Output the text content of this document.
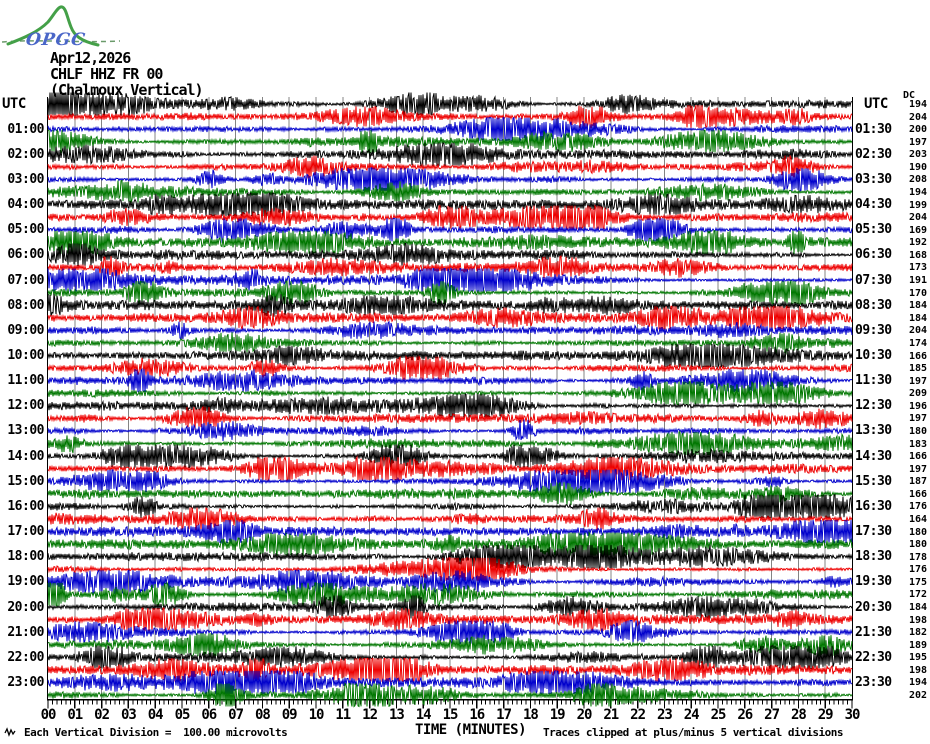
OPGC
Apr12,2026
CHLF HHZ FR 00
(Chalmoux Vertical)
UTC	UTC
DC
01:00
02:00
03:00
04:00
05:00
06:00
07:00
08:00
09:00
10:00
11:00
12:00
13:00
14:00
15:00
16:00
17:00
18:00
19:00
20:00
21:00
22:00
23:00
01:30
02:30
03:30
04:30
05:30
06:30
07:30
08:30
09:30
10:30
11:30
12:30
13:30
14:30
15:30
16:30
17:30
18:30
19:30
20:30
21:30
22:30
23:30
194
204
200
197
203
190
208
194
199
204
169
192
168
173
191
170
184
184
204
174
166
185
197
209
196
197
180
183
166
197
187
166
176
164
180
180
178
176
175
172
184
198
182
189
195
198
194
202
00 01 02 03 04 05 06 07 08 09 10 11 12 13 14 15 16 17 18 19 20 21 22 23 24 25 26 27 28 29 30
Each Vertical Division =  100.00 microvolts	TIME (MINUTES) Traces clipped at plus/minus 5 vertical divisions
